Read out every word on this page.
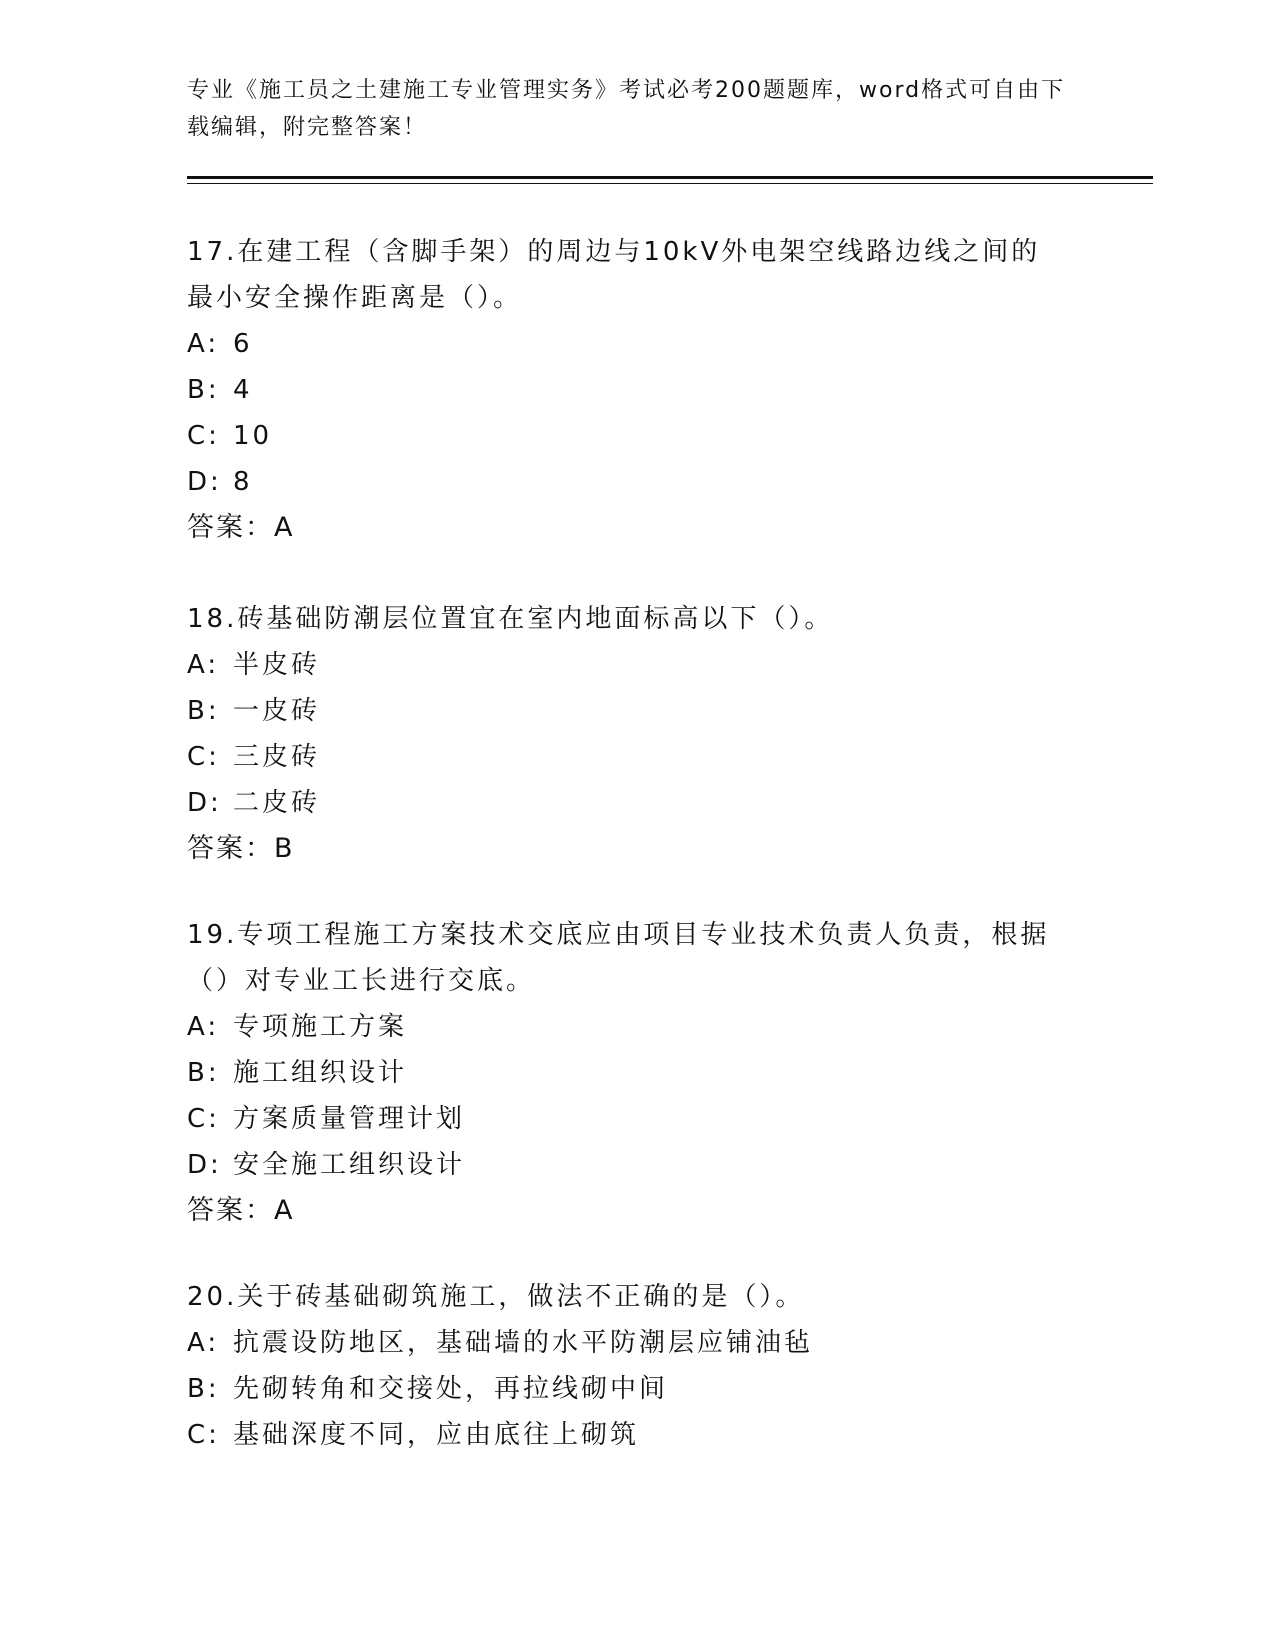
专业《施工员之土建施工专业管理实务》考试必考200题题库，word格式可自由下载编辑，附完整答案！
17.在建工程（含脚手架）的周边与10kV外电架空线路边线之间的最小安全操作距离是（）。
A: 6
B: 4
C: 10
D: 8
答案：A
18.砖基础防潮层位置宜在室内地面标高以下（）。
A: 半皮砖
B: 一皮砖
C: 三皮砖
D: 二皮砖
答案：B
19.专项工程施工方案技术交底应由项目专业技术负责人负责，根据（）对专业工长进行交底。
A: 专项施工方案
B: 施工组织设计
C: 方案质量管理计划
D: 安全施工组织设计
答案：A
20.关于砖基础砌筑施工，做法不正确的是（）。
A: 抗震设防地区，基础墙的水平防潮层应铺油毡
B: 先砌转角和交接处，再拉线砌中间
C: 基础深度不同，应由底往上砌筑
